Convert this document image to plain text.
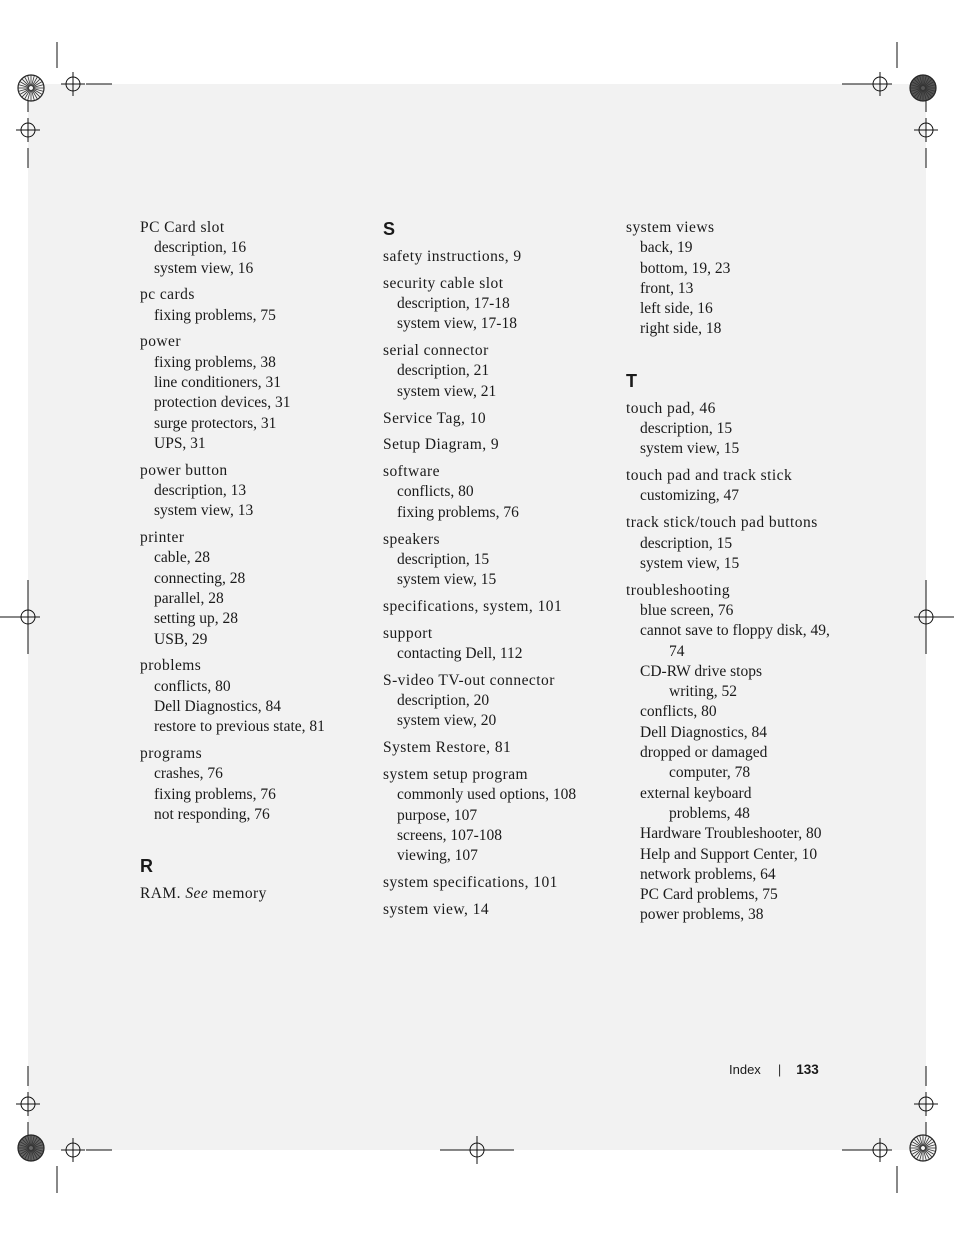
PC Card slot
description, 16
system view, 16
pc cards
fixing problems, 75
power
fixing problems, 38
line conditioners, 31
protection devices, 31
surge protectors, 31
UPS, 31
power button
description, 13
system view, 13
printer
cable, 28
connecting, 28
parallel, 28
setting up, 28
USB, 29
problems
conflicts, 80
Dell Diagnostics, 84
restore to previous state, 81
programs
crashes, 76
fixing problems, 76
not responding, 76
R
RAM. See memory
S
safety instructions, 9
security cable slot
description, 17-18
system view, 17-18
serial connector
description, 21
system view, 21
Service Tag, 10
Setup Diagram, 9
software
conflicts, 80
fixing problems, 76
speakers
description, 15
system view, 15
specifications, system, 101
support
contacting Dell, 112
S-video TV-out connector
description, 20
system view, 20
System Restore, 81
system setup program
commonly used options, 108
purpose, 107
screens, 107-108
viewing, 107
system specifications, 101
system view, 14
system views
back, 19
bottom, 19, 23
front, 13
left side, 16
right side, 18
T
touch pad, 46
description, 15
system view, 15
touch pad and track stick
customizing, 47
track stick/touch pad buttons
description, 15
system view, 15
troubleshooting
blue screen, 76
cannot save to floppy disk, 49,
74
CD-RW drive stops
writing, 52
conflicts, 80
Dell Diagnostics, 84
dropped or damaged
computer, 78
external keyboard
problems, 48
Hardware Troubleshooter, 80
Help and Support Center, 10
network problems, 64
PC Card problems, 75
power problems, 38
Index | 133
